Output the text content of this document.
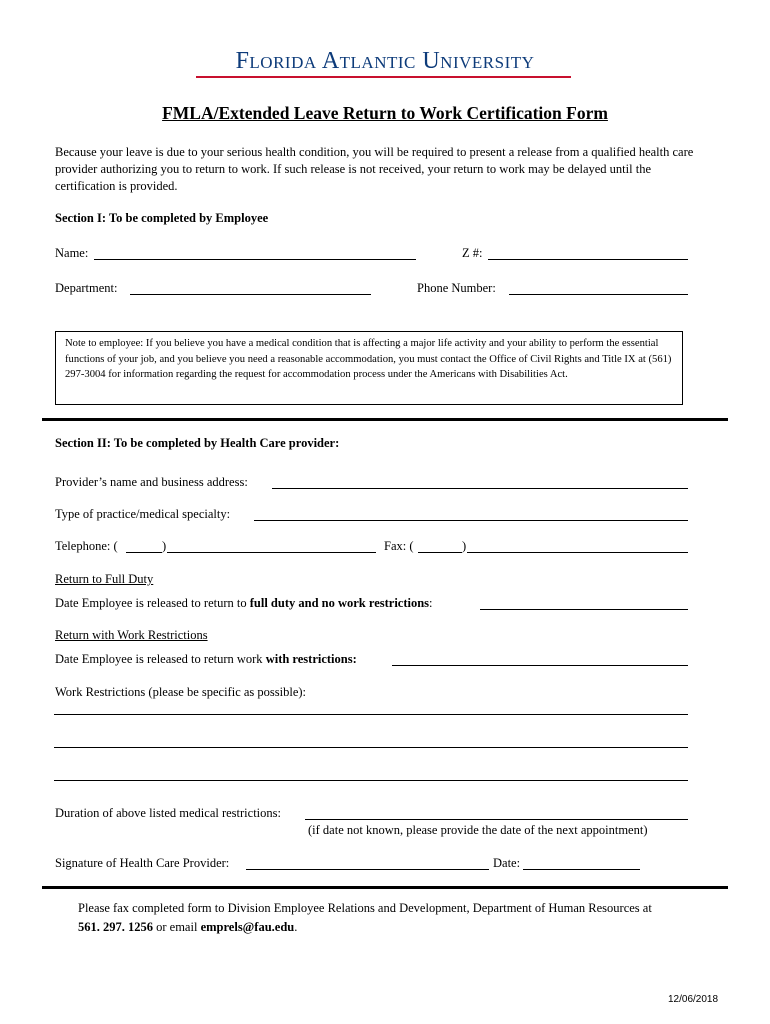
Florida Atlantic University
FMLA/Extended Leave Return to Work Certification Form
Because your leave is due to your serious health condition, you will be required to present a release from a qualified health care provider authorizing you to return to work. If such release is not received, your return to work may be delayed until the certification is provided.
Section I: To be completed by Employee
Name:	Z #:
Department:	Phone Number:
Note to employee: If you believe you have a medical condition that is affecting a major life activity and your ability to perform the essential functions of your job, and you believe you need a reasonable accommodation, you must contact the Office of Civil Rights and Title IX at (561) 297-3004 for information regarding the request for accommodation process under the Americans with Disabilities Act.
Section II: To be completed by Health Care provider:
Provider’s name and business address:
Type of practice/medical specialty:
Telephone: (	)	Fax: (	)
Return to Full Duty
Date Employee is released to return to full duty and no work restrictions:
Return with Work Restrictions
Date Employee is released to return work with restrictions:
Work Restrictions (please be specific as possible):
Duration of above listed medical restrictions:
(if date not known, please provide the date of the next appointment)
Signature of Health Care Provider:	Date:
Please fax completed form to Division Employee Relations and Development, Department of Human Resources at
561. 297. 1256 or email emprels@fau.edu.
12/06/2018
